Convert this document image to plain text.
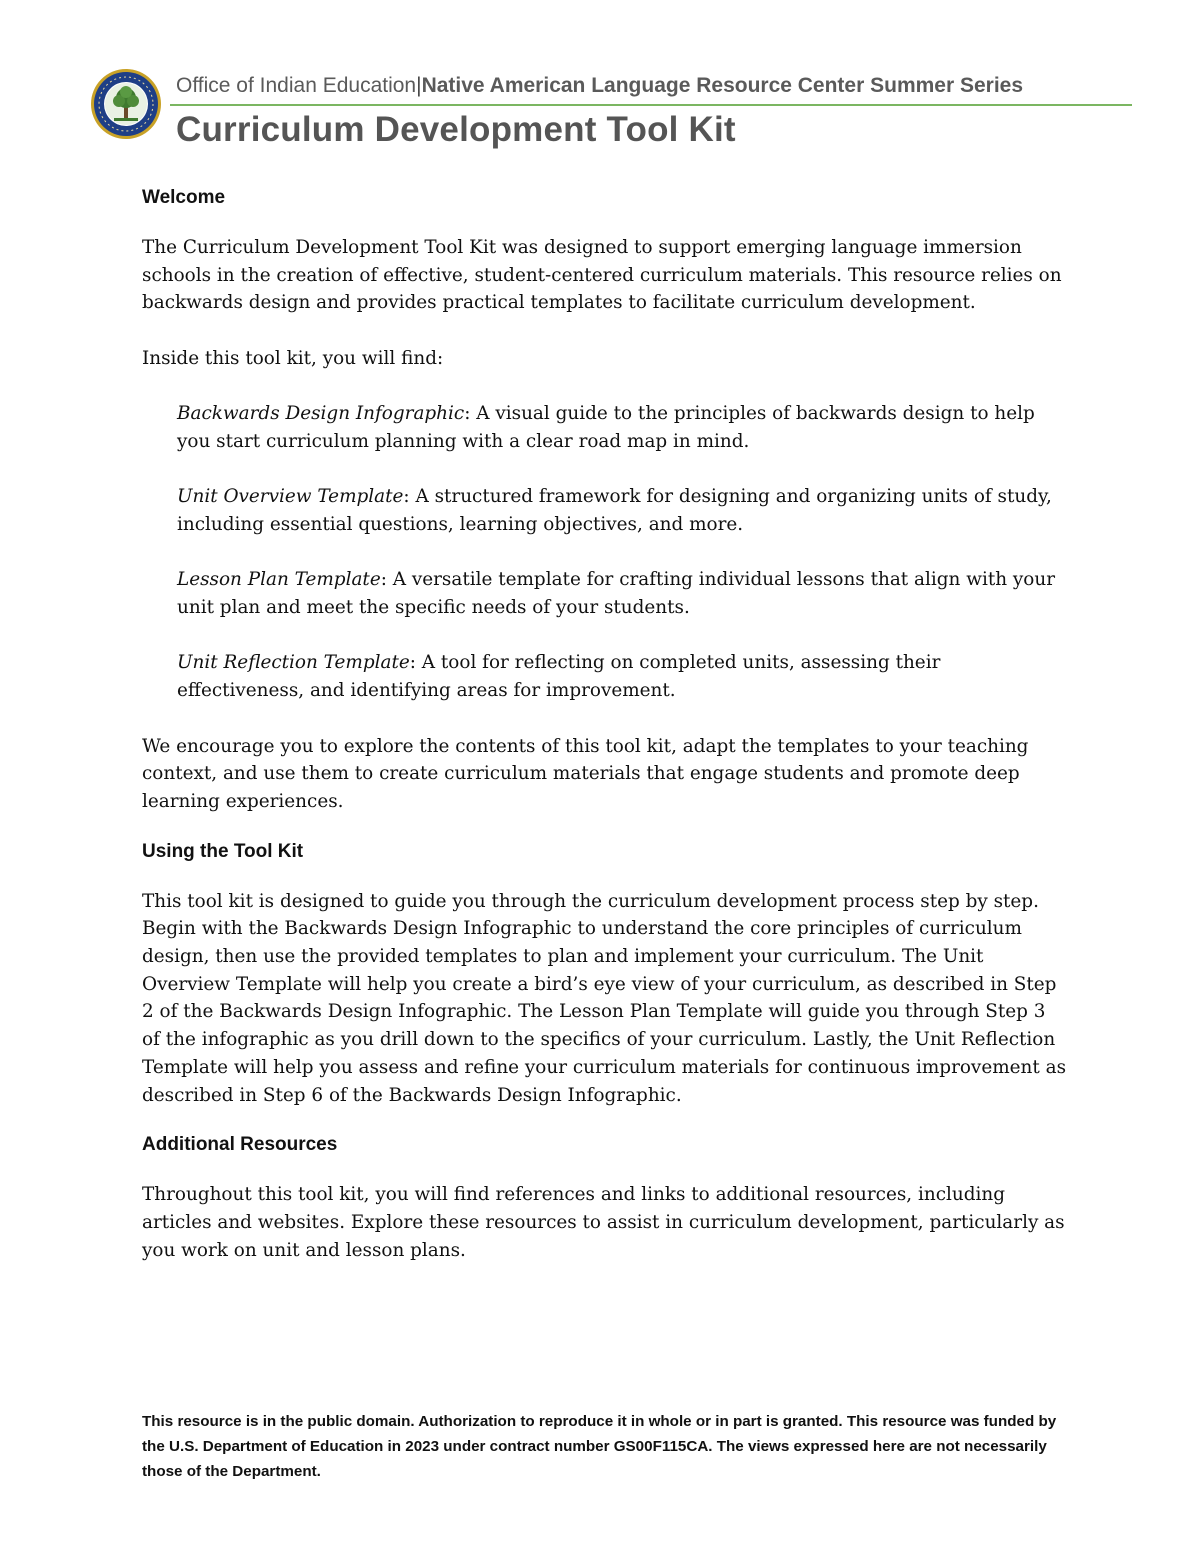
Office of Indian Education|Native American Language Resource Center Summer Series
Curriculum Development Tool Kit
Welcome

The Curriculum Development Tool Kit was designed to support emerging language immersion schools in the creation of effective, student-centered curriculum materials. This resource relies on backwards design and provides practical templates to facilitate curriculum development.

Inside this tool kit, you will find:

Backwards Design Infographic: A visual guide to the principles of backwards design to help you start curriculum planning with a clear road map in mind.

Unit Overview Template: A structured framework for designing and organizing units of study, including essential questions, learning objectives, and more.

Lesson Plan Template: A versatile template for crafting individual lessons that align with your unit plan and meet the specific needs of your students.

Unit Reflection Template: A tool for reflecting on completed units, assessing their effectiveness, and identifying areas for improvement.

We encourage you to explore the contents of this tool kit, adapt the templates to your teaching context, and use them to create curriculum materials that engage students and promote deep learning experiences.

Using the Tool Kit

This tool kit is designed to guide you through the curriculum development process step by step. Begin with the Backwards Design Infographic to understand the core principles of curriculum design, then use the provided templates to plan and implement your curriculum. The Unit Overview Template will help you create a bird’s eye view of your curriculum, as described in Step 2 of the Backwards Design Infographic. The Lesson Plan Template will guide you through Step 3 of the infographic as you drill down to the specifics of your curriculum. Lastly, the Unit Reflection Template will help you assess and refine your curriculum materials for continuous improvement as described in Step 6 of the Backwards Design Infographic.

Additional Resources

Throughout this tool kit, you will find references and links to additional resources, including articles and websites. Explore these resources to assist in curriculum development, particularly as you work on unit and lesson plans.

This resource is in the public domain. Authorization to reproduce it in whole or in part is granted. This resource was funded by the U.S. Department of Education in 2023 under contract number GS00F115CA. The views expressed here are not necessarily those of the Department.
